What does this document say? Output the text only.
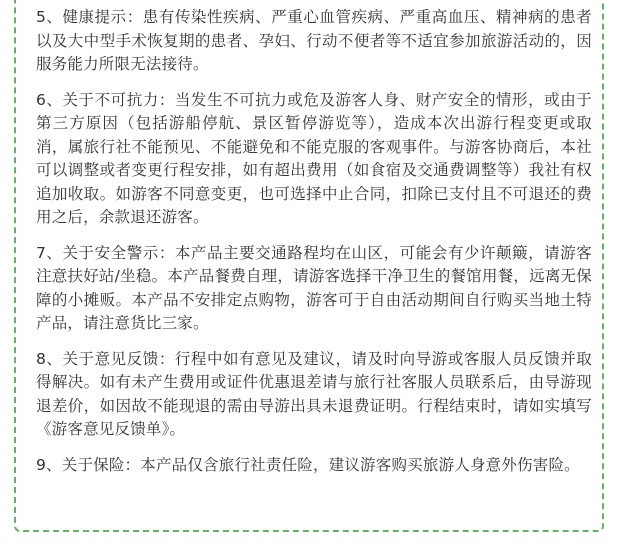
5、健康提示：患有传染性疾病、严重心血管疾病、严重高血压、精神病的患者以及大中型手术恢复期的患者、孕妇、行动不便者等不适宜参加旅游活动的，因服务能力所限无法接待。

6、关于不可抗力：当发生不可抗力或危及游客人身、财产安全的情形，或由于第三方原因（包括游船停航、景区暂停游览等），造成本次出游行程变更或取消，属旅行社不能预见、不能避免和不能克服的客观事件。与游客协商后，本社可以调整或者变更行程安排，如有超出费用（如食宿及交通费调整等）我社有权追加收取。如游客不同意变更，也可选择中止合同，扣除已支付且不可退还的费用之后，余款退还游客。

7、关于安全警示：本产品主要交通路程均在山区，可能会有少许颠簸，请游客注意扶好站/坐稳。本产品餐费自理，请游客选择干净卫生的餐馆用餐，远离无保障的小摊贩。本产品不安排定点购物，游客可于自由活动期间自行购买当地土特产品，请注意货比三家。

8、关于意见反馈：行程中如有意见及建议，请及时向导游或客服人员反馈并取得解决。如有未产生费用或证件优惠退差请与旅行社客服人员联系后，由导游现退差价，如因故不能现退的需由导游出具未退费证明。行程结束时，请如实填写《游客意见反馈单》。

9、关于保险：本产品仅含旅行社责任险，建议游客购买旅游人身意外伤害险。
